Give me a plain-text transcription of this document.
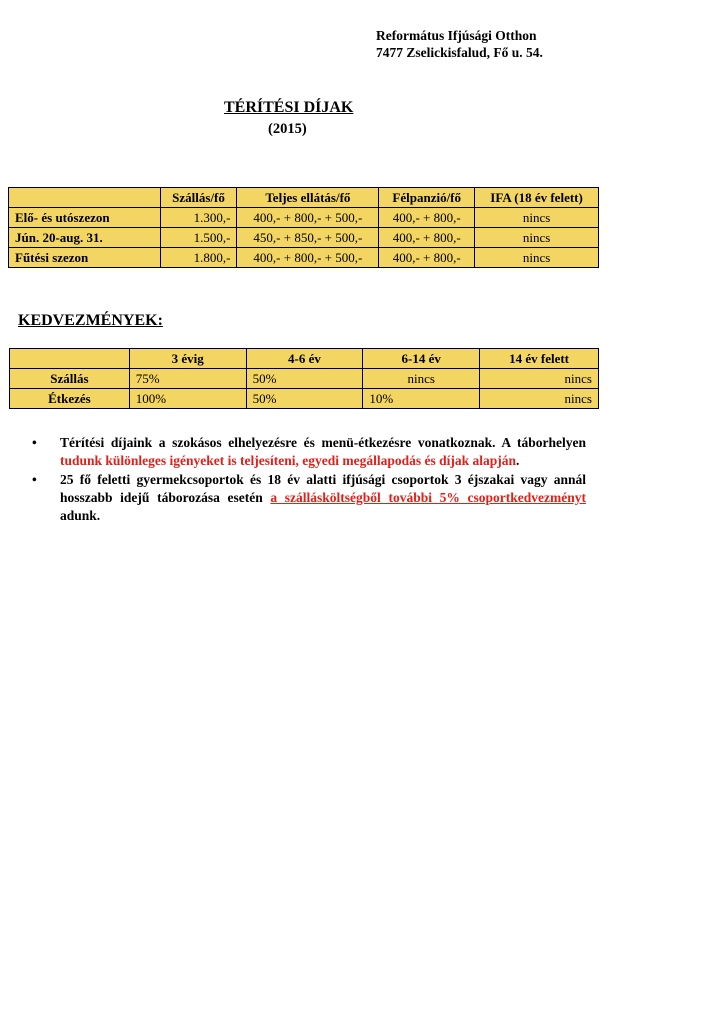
Református Ifjúsági Otthon
7477 Zselickisfalud, Fő u. 54.
TÉRÍTÉSI DÍJAK
(2015)
	Szállás/fő	Teljes ellátás/fő	Félpanzió/fő	IFA (18 év felett)
Elő- és utószezon	1.300,-	400,- + 800,- + 500,-	400,- + 800,-	nincs
Jún. 20-aug. 31.	1.500,-	450,- + 850,- + 500,-	400,- + 800,-	nincs
Fűtési szezon	1.800,-	400,- + 800,- + 500,-	400,- + 800,-	nincs
KEDVEZMÉNYEK:
	3 évig	4-6 év	6-14 év	14 év felett
Szállás	75%	50%	nincs	nincs
Étkezés	100%	50%	10%	nincs
• Térítési díjaink a szokásos elhelyezésre és menü-étkezésre vonatkoznak. A táborhelyen tudunk különleges igényeket is teljesíteni, egyedi megállapodás és díjak alapján.
• 25 fő feletti gyermekcsoportok és 18 év alatti ifjúsági csoportok 3 éjszakai vagy annál hosszabb idejű táborozása esetén a szállásköltségből további 5% csoportkedvezményt adunk.
